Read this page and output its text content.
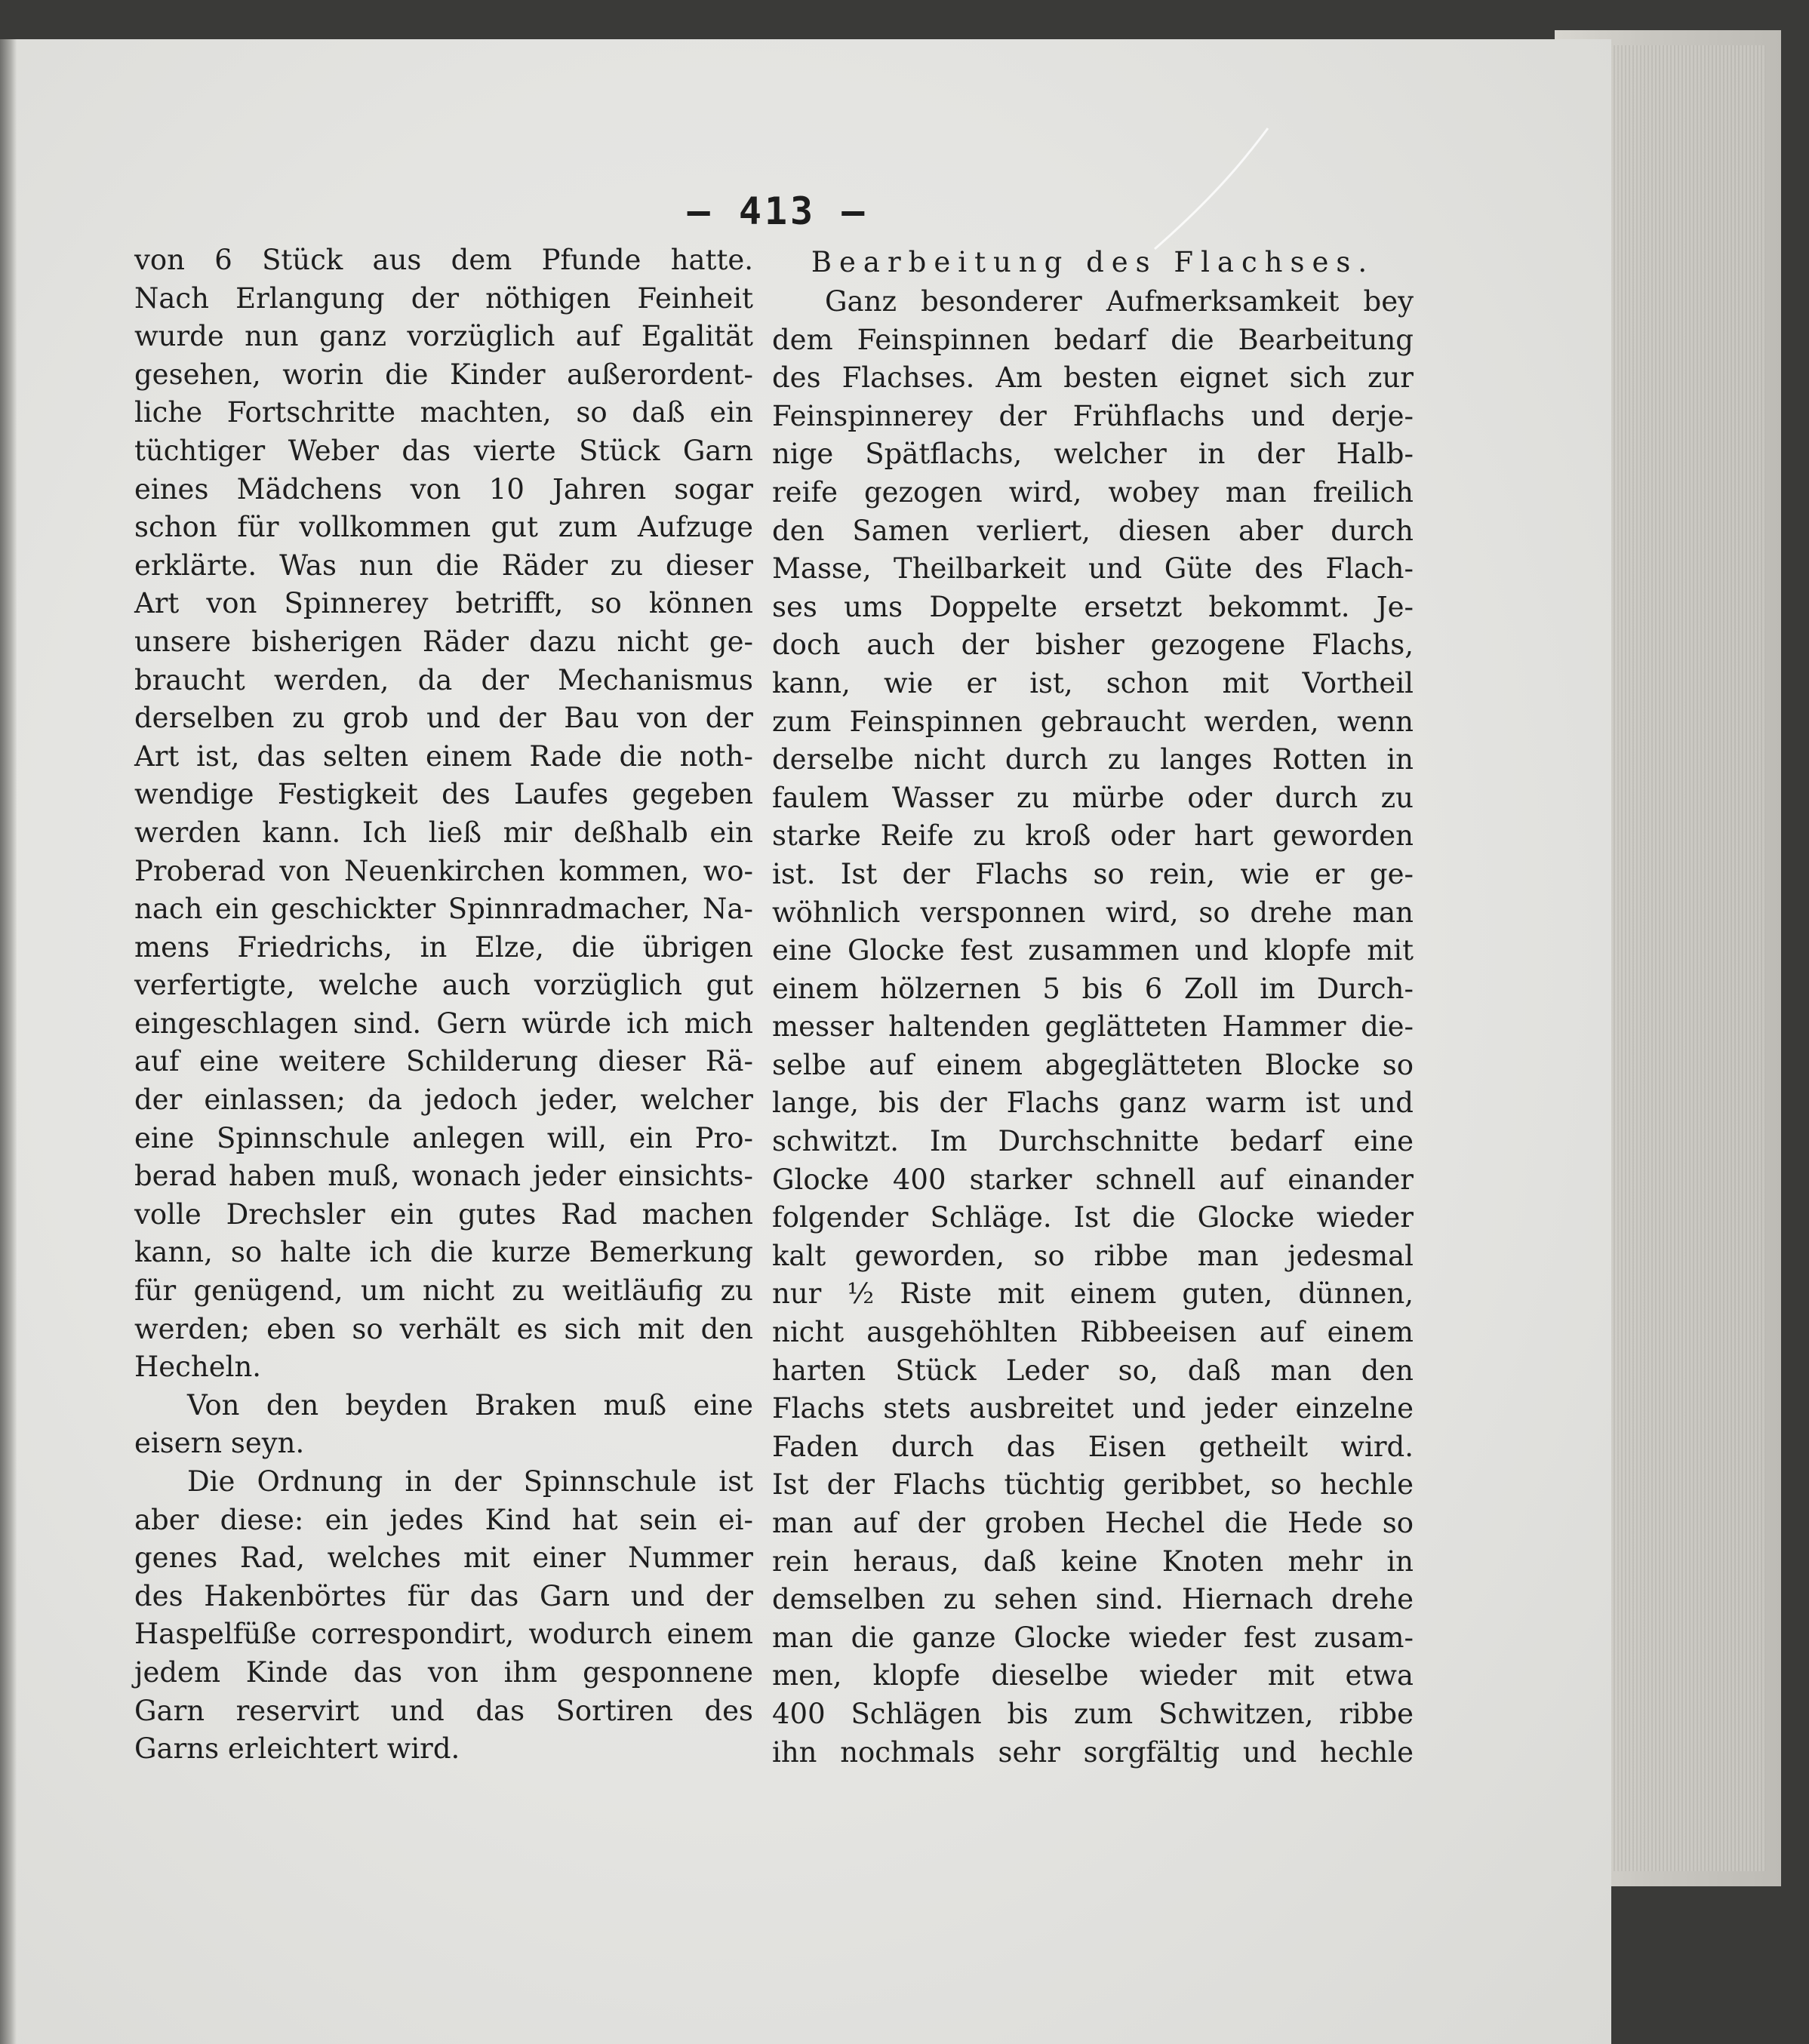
— 413 —
von 6 Stück aus dem Pfunde hatte.
Nach Erlangung der nöthigen Feinheit
wurde nun ganz vorzüglich auf Egalität
gesehen, worin die Kinder außerordent-
liche Fortschritte machten, so daß ein
tüchtiger Weber das vierte Stück Garn
eines Mädchens von 10 Jahren sogar
schon für vollkommen gut zum Aufzuge
erklärte. Was nun die Räder zu dieser
Art von Spinnerey betrifft, so können
unsere bisherigen Räder dazu nicht ge-
braucht werden, da der Mechanismus
derselben zu grob und der Bau von der
Art ist, das selten einem Rade die noth-
wendige Festigkeit des Laufes gegeben
werden kann. Ich ließ mir deßhalb ein
Proberad von Neuenkirchen kommen, wo-
nach ein geschickter Spinnradmacher, Na-
mens Friedrichs, in Elze, die übrigen
verfertigte, welche auch vorzüglich gut
eingeschlagen sind. Gern würde ich mich
auf eine weitere Schilderung dieser Rä-
der einlassen; da jedoch jeder, welcher
eine Spinnschule anlegen will, ein Pro-
berad haben muß, wonach jeder einsichts-
volle Drechsler ein gutes Rad machen
kann, so halte ich die kurze Bemerkung
für genügend, um nicht zu weitläufig zu
werden; eben so verhält es sich mit den
Hecheln.
Von den beyden Braken muß eine
eisern seyn.
Die Ordnung in der Spinnschule ist
aber diese: ein jedes Kind hat sein ei-
genes Rad, welches mit einer Nummer
des Hakenbörtes für das Garn und der
Haspelfüße correspondirt, wodurch einem
jedem Kinde das von ihm gesponnene
Garn reservirt und das Sortiren des
Garns erleichtert wird.
Bearbeitung des Flachses.
Ganz besonderer Aufmerksamkeit bey
dem Feinspinnen bedarf die Bearbeitung
des Flachses. Am besten eignet sich zur
Feinspinnerey der Frühflachs und derje-
nige Spätflachs, welcher in der Halb-
reife gezogen wird, wobey man freilich
den Samen verliert, diesen aber durch
Masse, Theilbarkeit und Güte des Flach-
ses ums Doppelte ersetzt bekommt. Je-
doch auch der bisher gezogene Flachs,
kann, wie er ist, schon mit Vortheil
zum Feinspinnen gebraucht werden, wenn
derselbe nicht durch zu langes Rotten in
faulem Wasser zu mürbe oder durch zu
starke Reife zu kroß oder hart geworden
ist. Ist der Flachs so rein, wie er ge-
wöhnlich versponnen wird, so drehe man
eine Glocke fest zusammen und klopfe mit
einem hölzernen 5 bis 6 Zoll im Durch-
messer haltenden geglätteten Hammer die-
selbe auf einem abgeglätteten Blocke so
lange, bis der Flachs ganz warm ist und
schwitzt. Im Durchschnitte bedarf eine
Glocke 400 starker schnell auf einander
folgender Schläge. Ist die Glocke wieder
kalt geworden, so ribbe man jedesmal
nur ½ Riste mit einem guten, dünnen,
nicht ausgehöhlten Ribbeeisen auf einem
harten Stück Leder so, daß man den
Flachs stets ausbreitet und jeder einzelne
Faden durch das Eisen getheilt wird.
Ist der Flachs tüchtig geribbet, so hechle
man auf der groben Hechel die Hede so
rein heraus, daß keine Knoten mehr in
demselben zu sehen sind. Hiernach drehe
man die ganze Glocke wieder fest zusam-
men, klopfe dieselbe wieder mit etwa
400 Schlägen bis zum Schwitzen, ribbe
ihn nochmals sehr sorgfältig und hechle
